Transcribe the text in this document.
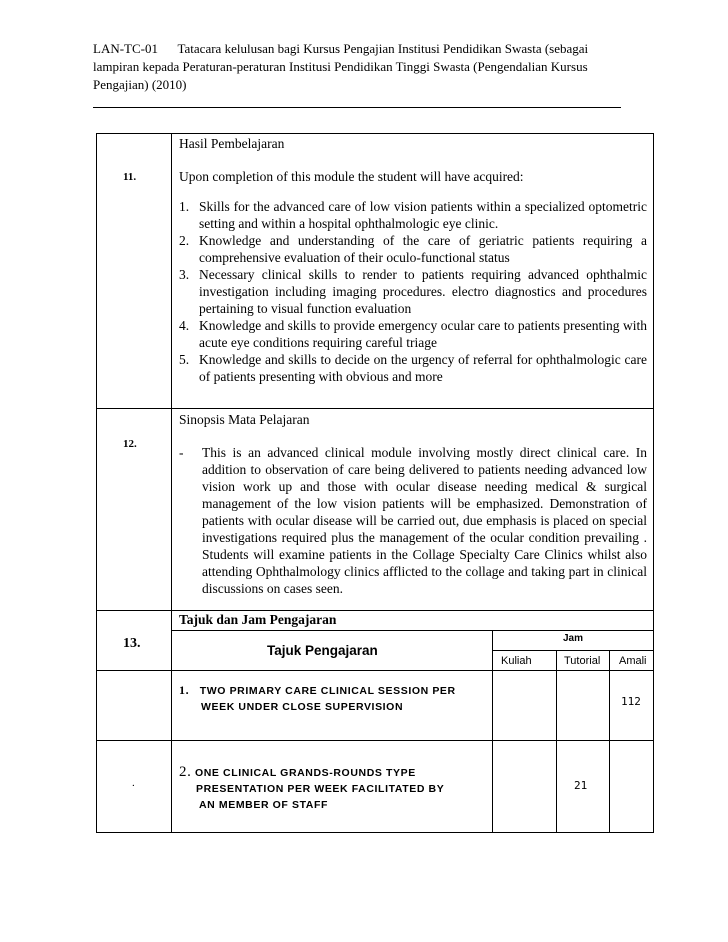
LAN-TC-01 Tatacara kelulusan bagi Kursus Pengajian Institusi Pendidikan Swasta (sebagai lampiran kepada Peraturan-peraturan Institusi Pendidikan Tinggi Swasta (Pengendalian Kursus Pengajian) (2010)
11.
Hasil Pembelajaran
Upon completion of this module the student will have acquired:
1. Skills for the advanced care of low vision patients within a specialized optometric setting and within a hospital ophthalmologic eye clinic.
2. Knowledge and understanding of the care of geriatric patients requiring a comprehensive evaluation of their oculo-functional status
3. Necessary clinical skills to render to patients requiring advanced ophthalmic investigation including imaging procedures. electro diagnostics and procedures pertaining to visual function evaluation
4. Knowledge and skills to provide emergency ocular care to patients presenting with acute eye conditions requiring careful triage
5. Knowledge and skills to decide on the urgency of referral for ophthalmologic care of patients presenting with obvious and more
12.
Sinopsis Mata Pelajaran
- This is an advanced clinical module involving mostly direct clinical care. In addition to observation of care being delivered to patients needing advanced low vision work up and those with ocular disease needing medical & surgical management of the low vision patients will be emphasized. Demonstration of patients with ocular disease will be carried out, due emphasis is placed on special investigations required plus the management of the ocular condition prevailing . Students will examine patients in the Collage Specialty Care Clinics whilst also attending Ophthalmology clinics afflicted to the collage and taking part in clinical discussions on cases seen.
13.
Tajuk dan Jam Pengajaran
Tajuk Pengajaran
Jam
Kuliah	Tutorial Amali
1. TWO PRIMARY CARE CLINICAL SESSION PER
WEEK UNDER CLOSE SUPERVISION	112
.
2. ONE CLINICAL GRANDS-ROUNDS TYPE
PRESENTATION PER WEEK FACILITATED BY
AN MEMBER OF STAFF
21
